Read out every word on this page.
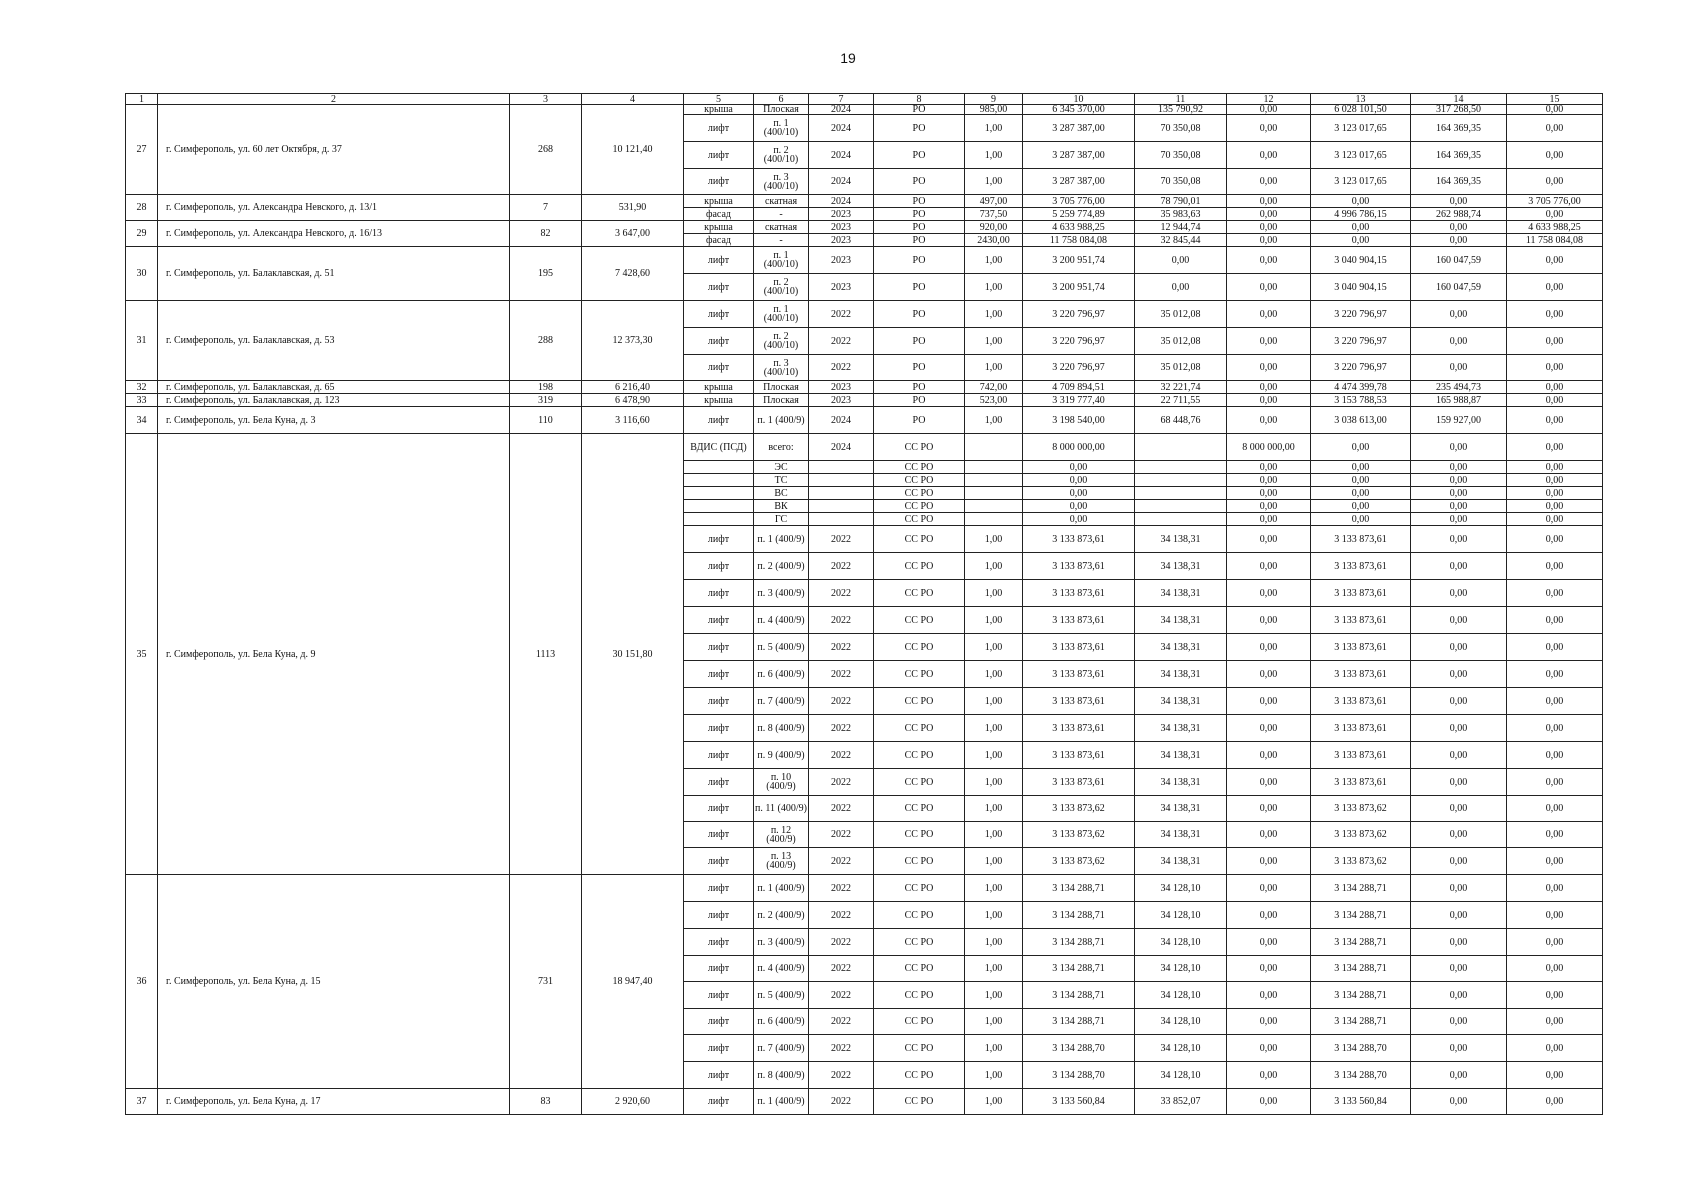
19
1	2	3	4	5	6	7	8	9	10	11	12	13	14	15
27	г. Симферополь, ул. 60 лет Октября, д. 37	268	10 121,40	крыша	Плоская	2024	РО	985,00	6 345 370,00	135 790,92	0,00	6 028 101,50	317 268,50	0,00
				лифт	п. 1 (400/10)	2024	РО	1,00	3 287 387,00	70 350,08	0,00	3 123 017,65	164 369,35	0,00
				лифт	п. 2 (400/10)	2024	РО	1,00	3 287 387,00	70 350,08	0,00	3 123 017,65	164 369,35	0,00
				лифт	п. 3 (400/10)	2024	РО	1,00	3 287 387,00	70 350,08	0,00	3 123 017,65	164 369,35	0,00
28	г. Симферополь, ул. Александра Невского, д. 13/1	7	531,90	крыша	скатная	2024	РО	497,00	3 705 776,00	78 790,01	0,00	0,00	0,00	3 705 776,00
				фасад	-	2023	РО	737,50	5 259 774,89	35 983,63	0,00	4 996 786,15	262 988,74	0,00
29	г. Симферополь, ул. Александра Невского, д. 16/13	82	3 647,00	крыша	скатная	2023	РО	920,00	4 633 988,25	12 944,74	0,00	0,00	0,00	4 633 988,25
				фасад	-	2023	РО	2430,00	11 758 084,08	32 845,44	0,00	0,00	0,00	11 758 084,08
30	г. Симферополь, ул. Балаклавская, д. 51	195	7 428,60	лифт	п. 1 (400/10)	2023	РО	1,00	3 200 951,74	0,00	0,00	3 040 904,15	160 047,59	0,00
				лифт	п. 2 (400/10)	2023	РО	1,00	3 200 951,74	0,00	0,00	3 040 904,15	160 047,59	0,00
31	г. Симферополь, ул. Балаклавская, д. 53	288	12 373,30	лифт	п. 1 (400/10)	2022	РО	1,00	3 220 796,97	35 012,08	0,00	3 220 796,97	0,00	0,00
				лифт	п. 2 (400/10)	2022	РО	1,00	3 220 796,97	35 012,08	0,00	3 220 796,97	0,00	0,00
				лифт	п. 3 (400/10)	2022	РО	1,00	3 220 796,97	35 012,08	0,00	3 220 796,97	0,00	0,00
32	г. Симферополь, ул. Балаклавская, д. 65	198	6 216,40	крыша	Плоская	2023	РО	742,00	4 709 894,51	32 221,74	0,00	4 474 399,78	235 494,73	0,00
33	г. Симферополь, ул. Балаклавская, д. 123	319	6 478,90	крыша	Плоская	2023	РО	523,00	3 319 777,40	22 711,55	0,00	3 153 788,53	165 988,87	0,00
34	г. Симферополь, ул. Бела Куна, д. 3	110	3 116,60	лифт	п. 1 (400/9)	2024	РО	1,00	3 198 540,00	68 448,76	0,00	3 038 613,00	159 927,00	0,00
35	г. Симферополь, ул. Бела Куна, д. 9	1113	30 151,80	ВДИС (ПСД)	всего:	2024	СС РО		8 000 000,00		8 000 000,00	0,00	0,00	0,00
					ЭС		СС РО		0,00		0,00	0,00	0,00	0,00
					ТС		СС РО		0,00		0,00	0,00	0,00	0,00
					ВС		СС РО		0,00		0,00	0,00	0,00	0,00
					ВК		СС РО		0,00		0,00	0,00	0,00	0,00
					ГС		СС РО		0,00		0,00	0,00	0,00	0,00
				лифт	п. 1 (400/9)	2022	СС РО	1,00	3 133 873,61	34 138,31	0,00	3 133 873,61	0,00	0,00
				лифт	п. 2 (400/9)	2022	СС РО	1,00	3 133 873,61	34 138,31	0,00	3 133 873,61	0,00	0,00
				лифт	п. 3 (400/9)	2022	СС РО	1,00	3 133 873,61	34 138,31	0,00	3 133 873,61	0,00	0,00
				лифт	п. 4 (400/9)	2022	СС РО	1,00	3 133 873,61	34 138,31	0,00	3 133 873,61	0,00	0,00
				лифт	п. 5 (400/9)	2022	СС РО	1,00	3 133 873,61	34 138,31	0,00	3 133 873,61	0,00	0,00
				лифт	п. 6 (400/9)	2022	СС РО	1,00	3 133 873,61	34 138,31	0,00	3 133 873,61	0,00	0,00
				лифт	п. 7 (400/9)	2022	СС РО	1,00	3 133 873,61	34 138,31	0,00	3 133 873,61	0,00	0,00
				лифт	п. 8 (400/9)	2022	СС РО	1,00	3 133 873,61	34 138,31	0,00	3 133 873,61	0,00	0,00
				лифт	п. 9 (400/9)	2022	СС РО	1,00	3 133 873,61	34 138,31	0,00	3 133 873,61	0,00	0,00
				лифт	п. 10 (400/9)	2022	СС РО	1,00	3 133 873,61	34 138,31	0,00	3 133 873,61	0,00	0,00
				лифт	п. 11 (400/9)	2022	СС РО	1,00	3 133 873,62	34 138,31	0,00	3 133 873,62	0,00	0,00
				лифт	п. 12 (400/9)	2022	СС РО	1,00	3 133 873,62	34 138,31	0,00	3 133 873,62	0,00	0,00
				лифт	п. 13 (400/9)	2022	СС РО	1,00	3 133 873,62	34 138,31	0,00	3 133 873,62	0,00	0,00
36	г. Симферополь, ул. Бела Куна, д. 15	731	18 947,40	лифт	п. 1 (400/9)	2022	СС РО	1,00	3 134 288,71	34 128,10	0,00	3 134 288,71	0,00	0,00
				лифт	п. 2 (400/9)	2022	СС РО	1,00	3 134 288,71	34 128,10	0,00	3 134 288,71	0,00	0,00
				лифт	п. 3 (400/9)	2022	СС РО	1,00	3 134 288,71	34 128,10	0,00	3 134 288,71	0,00	0,00
				лифт	п. 4 (400/9)	2022	СС РО	1,00	3 134 288,71	34 128,10	0,00	3 134 288,71	0,00	0,00
				лифт	п. 5 (400/9)	2022	СС РО	1,00	3 134 288,71	34 128,10	0,00	3 134 288,71	0,00	0,00
				лифт	п. 6 (400/9)	2022	СС РО	1,00	3 134 288,71	34 128,10	0,00	3 134 288,71	0,00	0,00
				лифт	п. 7 (400/9)	2022	СС РО	1,00	3 134 288,70	34 128,10	0,00	3 134 288,70	0,00	0,00
				лифт	п. 8 (400/9)	2022	СС РО	1,00	3 134 288,70	34 128,10	0,00	3 134 288,70	0,00	0,00
37	г. Симферополь, ул. Бела Куна, д. 17	83	2 920,60	лифт	п. 1 (400/9)	2022	СС РО	1,00	3 133 560,84	33 852,07	0,00	3 133 560,84	0,00	0,00
